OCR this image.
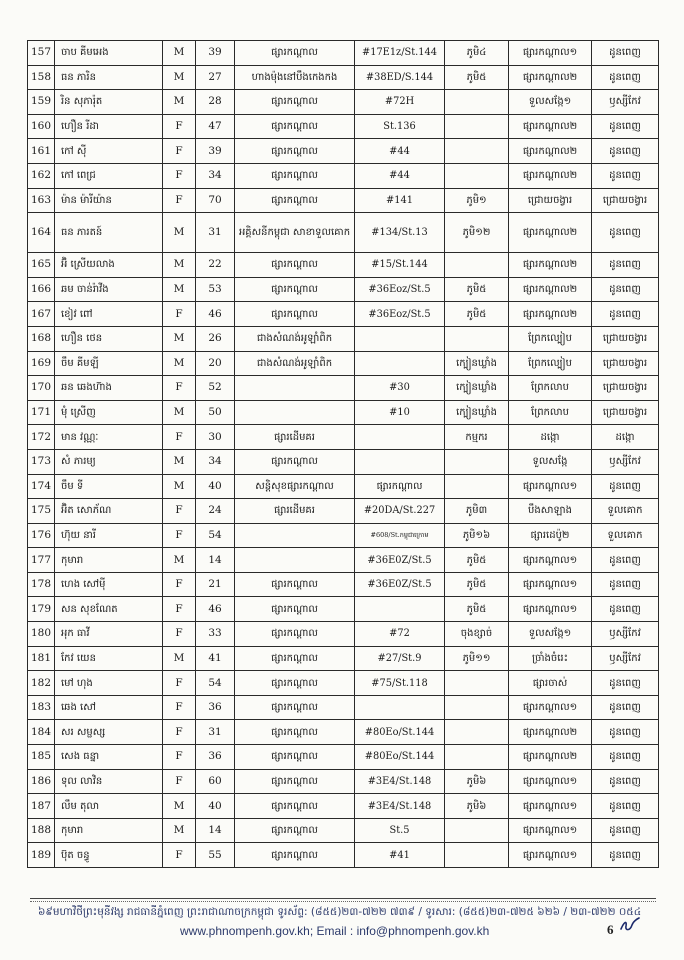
157	ចាប គីមអេង	M	39	ផ្សារកណ្ដាល	#17E1z/St.144	ភូមិ៤	ផ្សារកណ្ដាល១	ដូនពេញ
158	ធន ភារិន	M	27	ហាងម៉ុងនៅបឹងកេងកង	#38ED/S.144	ភូមិ៥	ផ្សារកណ្ដាល២	ដូនពេញ
159	រិន សុភារ៉ុត	M	28	ផ្សារកណ្ដាល	#72H		ទួលសង្កែ១	ឫស្សីកែវ
160	ហឿន រីដា	F	47	ផ្សារកណ្ដាល	St.136		ផ្សារកណ្ដាល២	ដូនពេញ
161	កៅ ស៊ី	F	39	ផ្សារកណ្ដាល	#44		ផ្សារកណ្ដាល២	ដូនពេញ
162	កៅ ពេជ្រ	F	34	ផ្សារកណ្ដាល	#44		ផ្សារកណ្ដាល២	ដូនពេញ
163	ម៉ាន ម៉ារីយ៉ាន	F	70	ផ្សារកណ្ដាល	#141	ភូមិ១	ជ្រោយចង្វារ	ជ្រោយចង្វារ
164	ធន ភារតន៍	M	31	អគ្គិសនីកម្ពុជា សាខាទួលគោក	#134/St.13	ភូមិ១២	ផ្សារកណ្ដាល២	ដូនពេញ
165	អ៊ិ ស្រេីយលាង	M	22	ផ្សារកណ្ដាល	#15/St.144		ផ្សារកណ្ដាល២	ដូនពេញ
166	ឆម ចាន់រ៉ាវីង	M	53	ផ្សារកណ្ដាល	#36Eoz/St.5	ភូមិ៥	ផ្សារកណ្ដាល២	ដូនពេញ
167	ខៀវ ពៅ	F	46	ផ្សារកណ្ដាល	#36Eoz/St.5	ភូមិ៥	ផ្សារកណ្ដាល២	ដូនពេញ
168	ហឿន ថេន	M	26	ជាងសំណង់អូឡាំពិក			ព្រែកល្បៀប	ជ្រោយចង្វារ
169	ចឹម គីមឡី	M	20	ជាងសំណង់អូឡាំពិក		ក្បៀនឃ្លាំង	ព្រែកល្បៀប	ជ្រោយចង្វារ
170	ឆន ឆេងហ៊ាង	F	52		#30	ក្បៀនឃ្លាំង	ព្រែកលាប	ជ្រោយចង្វារ
171	មុំ ស្រេីញ	M	50		#10	ក្បៀនឃ្លាំង	ព្រែកលាប	ជ្រោយចង្វារ
172	មាន វណ្ណៈ	F	30	ផ្សារដើមគរ		កម្មករ	ដង្កោ	ដង្កោ
173	សំ ភារម្យ	M	34	ផ្សារកណ្ដាល			ទួលសង្កែ	ឫស្សីកែវ
174	ចឹម ទី	M	40	សន្តិសុខផ្សារកណ្ដាល	ផ្សារកណ្ដាល		ផ្សារកណ្ដាល១	ដូនពេញ
175	អ៊ិត សោភ័ណ	F	24	ផ្សារដើមគរ	#20DA/St.227	ភូមិ៣	បឹងសាឡាង	ទួលគោក
176	ហ៊ុយ នារី	F	54		#608/St.កម្ពុជាក្រោម	ភូមិ១៦	ផ្សារដេប៉ូ២	ទួលគោក
177	កុមារា	M	14		#36E0Z/St.5	ភូមិ៥	ផ្សារកណ្ដាល១	ដូនពេញ
178	ហេង សៅម៉ី	F	21	ផ្សារកណ្ដាល	#36E0Z/St.5	ភូមិ៥	ផ្សារកណ្ដាល១	ដូនពេញ
179	សន សុខណែត	F	46	ផ្សារកណ្ដាល		ភូមិ៥	ផ្សារកណ្ដាល១	ដូនពេញ
180	អុក ធាវី	F	33	ផ្សារកណ្ដាល	#72	ចុងខ្សាច់	ទួលសង្កែ១	ឫស្សីកែវ
181	កែវ យេន	M	41	ផ្សារកណ្ដាល	#27/St.9	ភូមិ១១	ច្រាំងចំរេះ	ឫស្សីកែវ
182	មៅ ហុង	F	54	ផ្សារកណ្ដាល	#75/St.118		ផ្សារចាស់	ដូនពេញ
183	ឆេង សៅ	F	36	ផ្សារកណ្ដាល			ផ្សារកណ្ដាល១	ដូនពេញ
184	សរ សម្ផស្ស	F	31	ផ្សារកណ្ដាល	#80Eo/St.144		ផ្សារកណ្ដាល២	ដូនពេញ
185	សេង ធន្នា	F	36	ផ្សារកណ្ដាល	#80Eo/St.144		ផ្សារកណ្ដាល២	ដូនពេញ
186	ទុល លាវិន	F	60	ផ្សារកណ្ដាល	#3E4/St.148	ភូមិ៦	ផ្សារកណ្ដាល១	ដូនពេញ
187	លឹម តុលា	M	40	ផ្សារកណ្ដាល	#3E4/St.148	ភូមិ៦	ផ្សារកណ្ដាល១	ដូនពេញ
188	កុមារា	M	14	ផ្សារកណ្ដាល	St.5		ផ្សារកណ្ដាល១	ដូនពេញ
189	ប៊ុត ចន្ធូ	F	55	ផ្សារកណ្ដាល	#41		ផ្សារកណ្ដាល១	ដូនពេញ
៦៩មហាវិថីព្រះមុនីវង្ស រាជធានីភ្នំពេញ ព្រះរាជាណាចក្រកម្ពុជា ទូរស័ព្ទ: (៨៥៥)២៣-៧២២ ៧៣៩ / ទូរសារ: (៨៥៥)២៣-៧២៥ ៦២៦ / ២៣-៧២២ ០៥៤
www.phnompenh.gov.kh; Email : info@phnompenh.gov.kh	6
